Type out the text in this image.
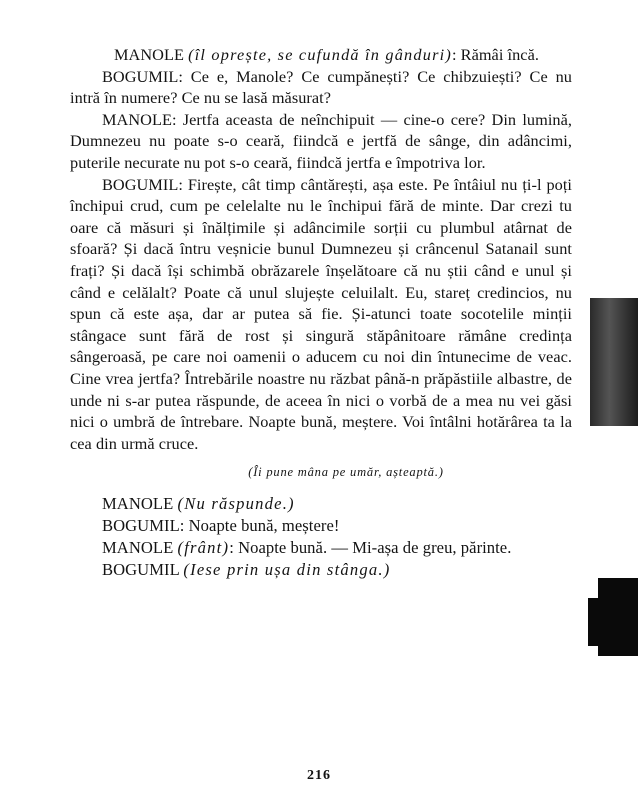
MANOLE (îl oprește, se cufundă în gânduri): Rămâi încă.

BOGUMIL: Ce e, Manole? Ce cumpănești? Ce chibzuiești? Ce nu intră în numere? Ce nu se lasă măsurat?

MANOLE: Jertfa aceasta de neînchipuit — cine-o cere? Din lumină, Dumnezeu nu poate s-o ceară, fiindcă e jertfă de sânge, din adâncimi, puterile necurate nu pot s-o ceară, fiindcă jertfa e împotriva lor.

BOGUMIL: Firește, cât timp cântărești, așa este. Pe întâiul nu ți-l poți închipui crud, cum pe celelalte nu le închipui fără de minte. Dar crezi tu oare că măsuri și înălțimile și adâncimile sorții cu plumbul atârnat de sfoară? Și dacă întru veșnicie bunul Dumnezeu și crâncenul Satanail sunt frați? Și dacă își schimbă obrăzarele înșelătoare că nu știi când e unul și când e celălalt? Poate că unul slujește celuilalt. Eu, stareț credincios, nu spun că este așa, dar ar putea să fie. Și-atunci toate socotelile minții stângace sunt fără de rost și singură stăpânitoare rămâne credința sângeroasă, pe care noi oamenii o aducem cu noi din întunecime de veac. Cine vrea jertfa? Întrebările noastre nu răzbat până-n prăpăstiile albastre, de unde ni s-ar putea răspunde, de aceea în nici o vorbă de a mea nu vei găsi nici o umbră de întrebare. Noapte bună, meștere. Voi întâlni hotărârea ta la cea din urmă cruce.

(Îi pune mâna pe umăr, așteaptă.)

MANOLE (Nu răspunde.)

BOGUMIL: Noapte bună, meștere!

MANOLE (frânt): Noapte bună. — Mi-așa de greu, părinte.

BOGUMIL (Iese prin ușa din stânga.)

216
